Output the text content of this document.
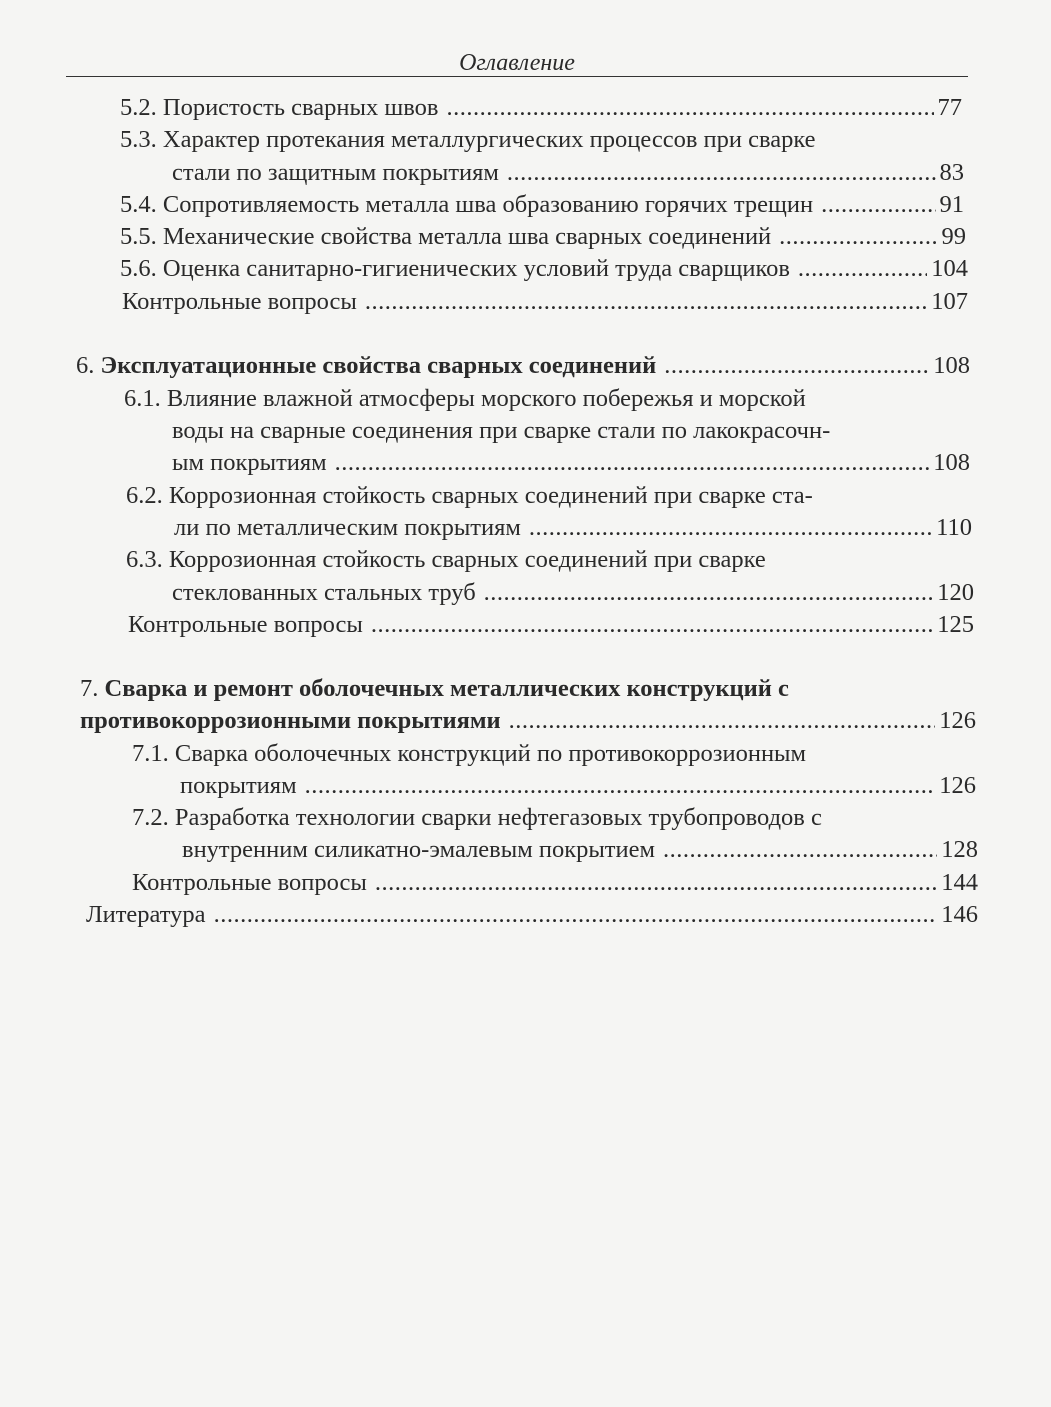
Оглавление
5.2. Пористость сварных швов .....	77
5.3. Характер протекания металлургических процессов при сварке
стали по защитным покрытиям .....	83
5.4. Сопротивляемость металла шва образованию горячих трещин .....	91
5.5. Механические свойства металла шва сварных соединений .....	99
5.6. Оценка санитарно-гигиенических условий труда сварщиков .....	104
Контрольные вопросы .....	107
6. Эксплуатационные свойства сварных соединений .....	108
6.1. Влияние влажной атмосферы морского побережья и морской
воды на сварные соединения при сварке стали по лакокрасочн-
ым покрытиям .....	108
6.2. Коррозионная стойкость сварных соединений при сварке ста-
ли по металлическим покрытиям .....	110
6.3. Коррозионная стойкость сварных соединений при сварке
стеклованных стальных труб .....	120
Контрольные вопросы .....	125
7. Сварка и ремонт оболочечных металлических конструкций с
противокоррозионными покрытиями .....	126
7.1. Сварка оболочечных конструкций по противокоррозионным
покрытиям .....	126
7.2. Разработка технологии сварки нефтегазовых трубопроводов с
внутренним силикатно-эмалевым покрытием .....	128
Контрольные вопросы .....	144
Литература .....	146
